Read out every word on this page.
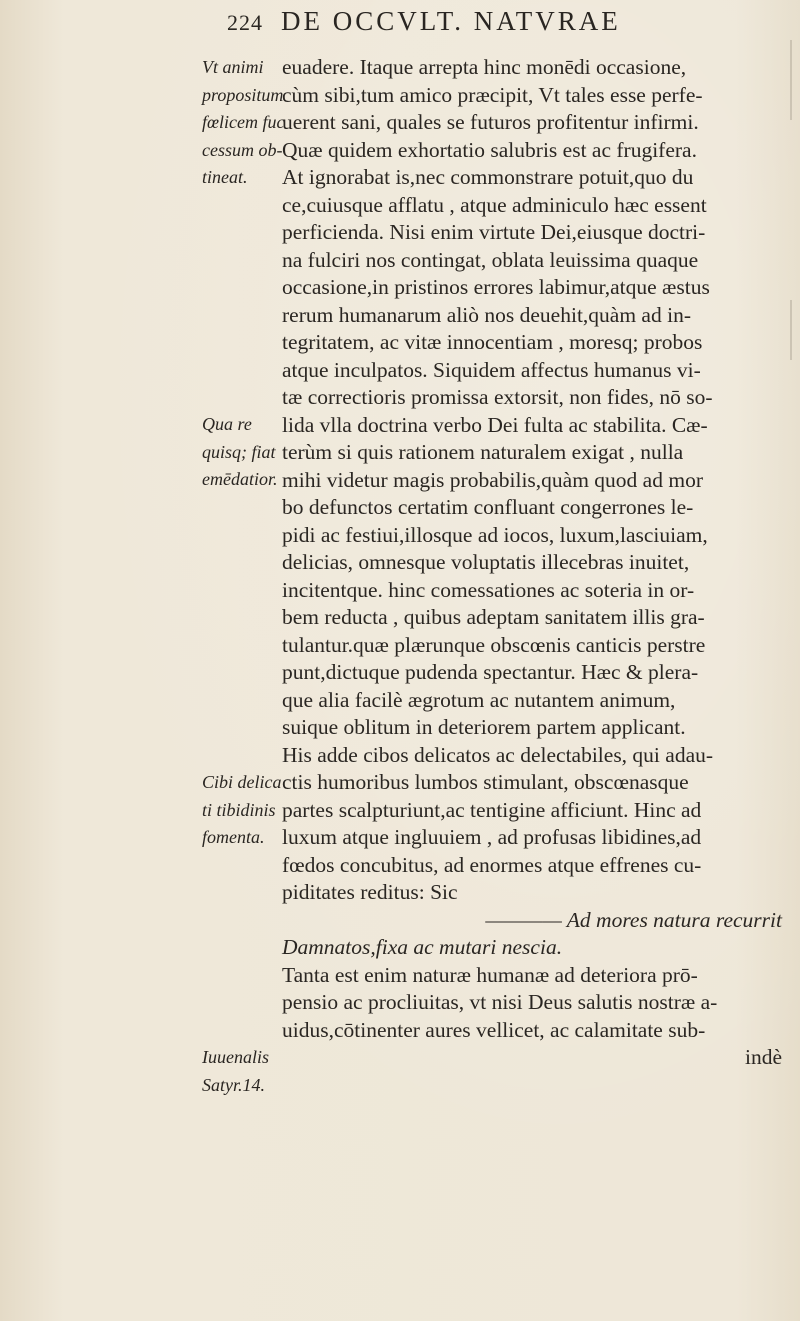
224 DE OCCVLT. NATVRAE
Vt animi
propositum
fœlicem fuc
cessum ob-
tineat.
Qua re
quisq; fiat
emēdatior.
Cibi delica
ti tibidinis
fomenta.
Iuuenalis
Satyr.14.
euadere. Itaque arrepta hinc monēdi occasione,
cùm sibi,tum amico præcipit, Vt tales esse perfe-
uerent sani, quales se futuros profitentur infirmi.
Quæ quidem exhortatio salubris est ac frugifera.
At ignorabat is,nec commonstrare potuit,quo du
ce,cuiusque afflatu , atque adminiculo hæc essent
perficienda. Nisi enim virtute Dei,eiusque doctri-
na fulciri nos contingat, oblata leuissima quaque
occasione,in pristinos errores labimur,atque æstus
rerum humanarum aliò nos deuehit,quàm ad in-
tegritatem, ac vitæ innocentiam , moresq; probos
atque inculpatos. Siquidem affectus humanus vi-
tæ correctioris promissa extorsit, non fides, nō so-
lida vlla doctrina verbo Dei fulta ac stabilita. Cæ-
terùm si quis rationem naturalem exigat , nulla
mihi videtur magis probabilis,quàm quod ad mor
bo defunctos certatim confluant congerrones le-
pidi ac festiui,illosque ad iocos, luxum,lasciuiam,
delicias, omnesque voluptatis illecebras inuitet,
incitentque. hinc comessationes ac soteria in or-
bem reducta , quibus adeptam sanitatem illis gra-
tulantur.quæ plærunque obscœnis canticis perstre
punt,dictuque pudenda spectantur. Hæc & plera-
que alia facilè ægrotum ac nutantem animum,
suique oblitum in deteriorem partem applicant.
His adde cibos delicatos ac delectabiles, qui adau-
ctis humoribus lumbos stimulant, obscœnasque
partes scalpturiunt,ac tentigine afficiunt. Hinc ad
luxum atque ingluuiem , ad profusas libidines,ad
fœdos concubitus, ad enormes atque effrenes cu-
piditates reditus: Sic
———— Ad mores natura recurrit
Damnatos,fixa ac mutari nescia.
Tanta est enim naturæ humanæ ad deteriora prō-
pensio ac procliuitas, vt nisi Deus salutis nostræ a-
uidus,cōtinenter aures vellicet, ac calamitate sub-
indè
